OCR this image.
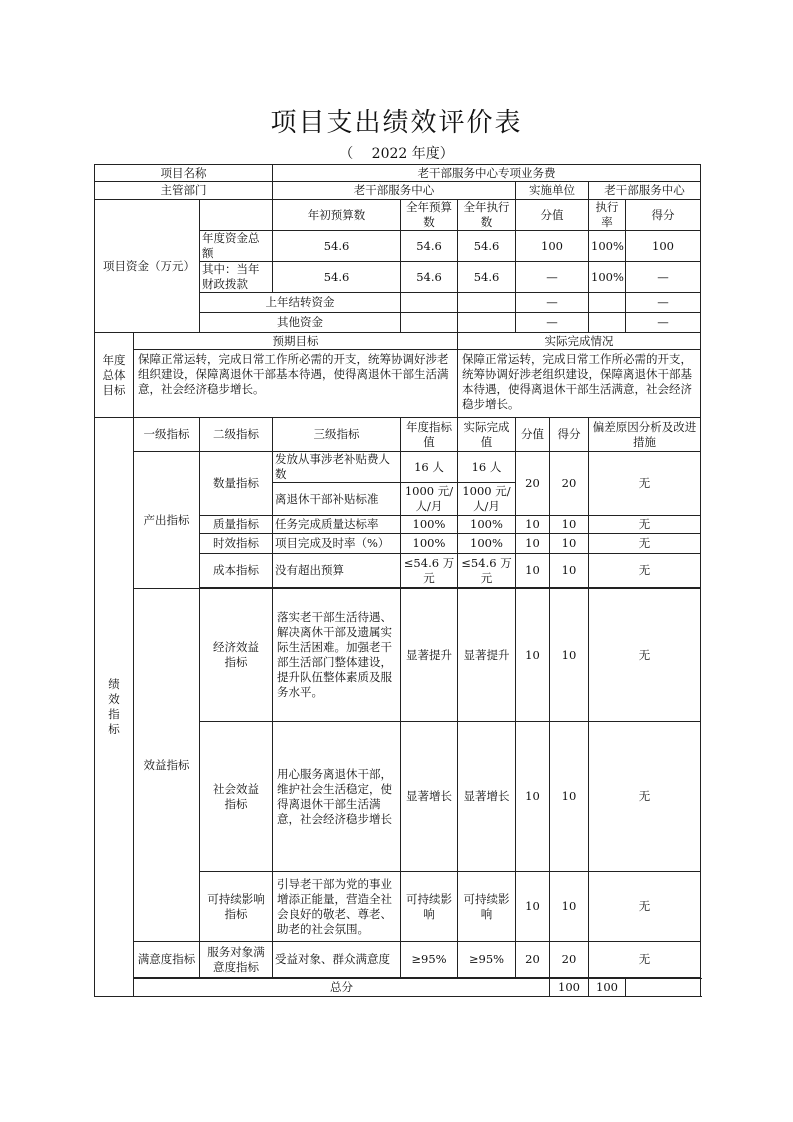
项目支出绩效评价表
（　 2022 年度）
项目名称			老干部服务中心专项业务费						
主管部门			老干部服务中心			实施单位		老干部服务中心	
项目资金（万元）			年初预算数	全年预算数	全年执行数	分值		执行率	得分
		年度资金总额	54.6	54.6	54.6	100		100%	100
		其中：当年财政拨款	54.6	54.6	54.6	—		100%	—
		上年结转资金				—			—
		其他资金				—			—
年度总体目标	预期目标				实际完成情况				
	保障正常运转，完成日常工作所必需的开支，统筹协调好涉老组织建设，保障离退休干部基本待遇，使得离退休干部生活满意，社会经济稳步增长。				保障正常运转，完成日常工作所必需的开支，统筹协调好涉老组织建设，保障离退休干部基本待遇，使得离退休干部生活满意，社会经济稳步增长。				
绩效指标	一级指标	二级指标	三级指标	年度指标值	实际完成值	分值	得分	偏差原因分析及改进措施	
	产出指标	数量指标	发放从事涉老补贴费人数	16 人	16 人	20	20	无	
			离退休干部补贴标准	1000 元/人/月	1000 元/人/月				
		质量指标	任务完成质量达标率	100%	100%	10	10	无	
		时效指标	项目完成及时率（%）	100%	100%	10	10	无	
		成本指标	没有超出预算	≤54.6 万元	≤54.6 万元	10	10	无	

	效益指标	经济效益指标	落实老干部生活待遇、解决离休干部及遗属实际生活困难。加强老干部生活部门整体建设，提升队伍整体素质及服务水平。	显著提升	显著提升	10	10	无	
		社会效益指标	用心服务离退休干部，维护社会生活稳定，使得离退休干部生活满意，社会经济稳步增长	显著增长	显著增长	10	10	无	
		可持续影响指标	引导老干部为党的事业增添正能量，营造全社会良好的敬老、尊老、助老的社会氛围。	可持续影响	可持续影响	10	10	无	
	满意度指标	服务对象满意度指标	受益对象、群众满意度	≥95%	≥95%	20	20	无	

	总分						100	100	
